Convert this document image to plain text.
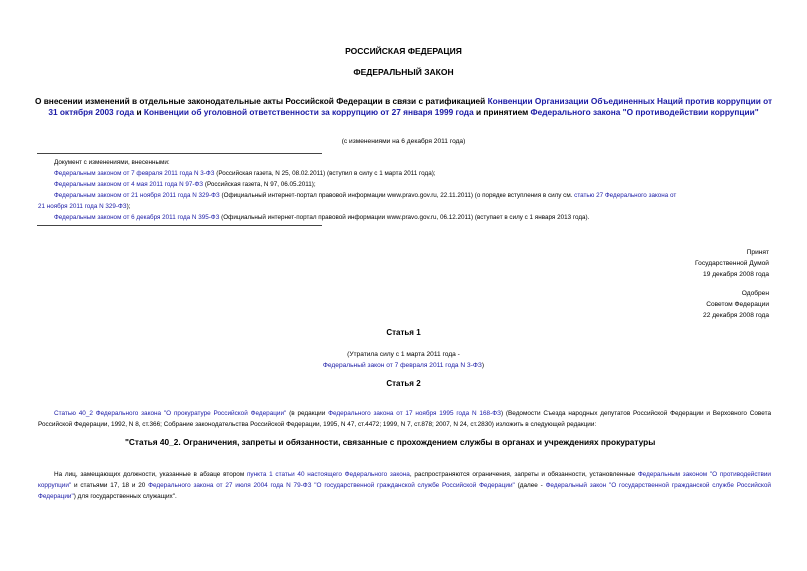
РОССИЙСКАЯ ФЕДЕРАЦИЯ
ФЕДЕРАЛЬНЫЙ ЗАКОН
О внесении изменений в отдельные законодательные акты Российской Федерации в связи с ратификацией Конвенции Организации Объединенных Наций против коррупции от 31 октября 2003 года и Конвенции об уголовной ответственности за коррупцию от 27 января 1999 года и принятием Федерального закона "О противодействии коррупции"
(с изменениями на 6 декабря 2011 года)
Документ с изменениями, внесенными:
Федеральным законом от 7 февраля 2011 года N 3-ФЗ (Российская газета, N 25, 08.02.2011) (вступил в силу с 1 марта 2011 года);
Федеральным законом от 4 мая 2011 года N 97-ФЗ (Российская газета, N 97, 06.05.2011);
Федеральным законом от 21 ноября 2011 года N 329-ФЗ (Официальный интернет-портал правовой информации www.pravo.gov.ru, 22.11.2011) (о порядке вступления в силу см. статью 27 Федерального закона от
21 ноября 2011 года N 329-ФЗ);
Федеральным законом от 6 декабря 2011 года N 395-ФЗ (Официальный интернет-портал правовой информации www.pravo.gov.ru, 06.12.2011) (вступает в силу с 1 января 2013 года).
Принят
Государственной Думой
19 декабря 2008 года
Одобрен
Советом Федерации
22 декабря 2008 года
Статья 1
(Утратила силу с 1 марта 2011 года -
Федеральный закон от 7 февраля 2011 года N 3-ФЗ)
Статья 2
Статью 40_2 Федерального закона "О прокуратуре Российской Федерации" (в редакции Федерального закона от 17 ноября 1995 года N 168-ФЗ) (Ведомости Съезда народных депутатов Российской Федерации и Верховного Совета Российской Федерации, 1992, N 8, ст.366; Собрание законодательства Российской Федерации, 1995, N 47, ст.4472; 1999, N 7, ст.878; 2007, N 24, ст.2830) изложить в следующей редакции:
"Статья 40_2. Ограничения, запреты и обязанности, связанные с прохождением службы в органах и учреждениях прокуратуры
На лиц, замещающих должности, указанные в абзаце втором пункта 1 статьи 40 настоящего Федерального закона, распространяются ограничения, запреты и обязанности, установленные Федеральным законом "О противодействии коррупции" и статьями 17, 18 и 20 Федерального закона от 27 июля 2004 года N 79-ФЗ "О государственной гражданской службе Российской Федерации" (далее - Федеральный закон "О государственной гражданской службе Российской Федерации") для государственных служащих".
